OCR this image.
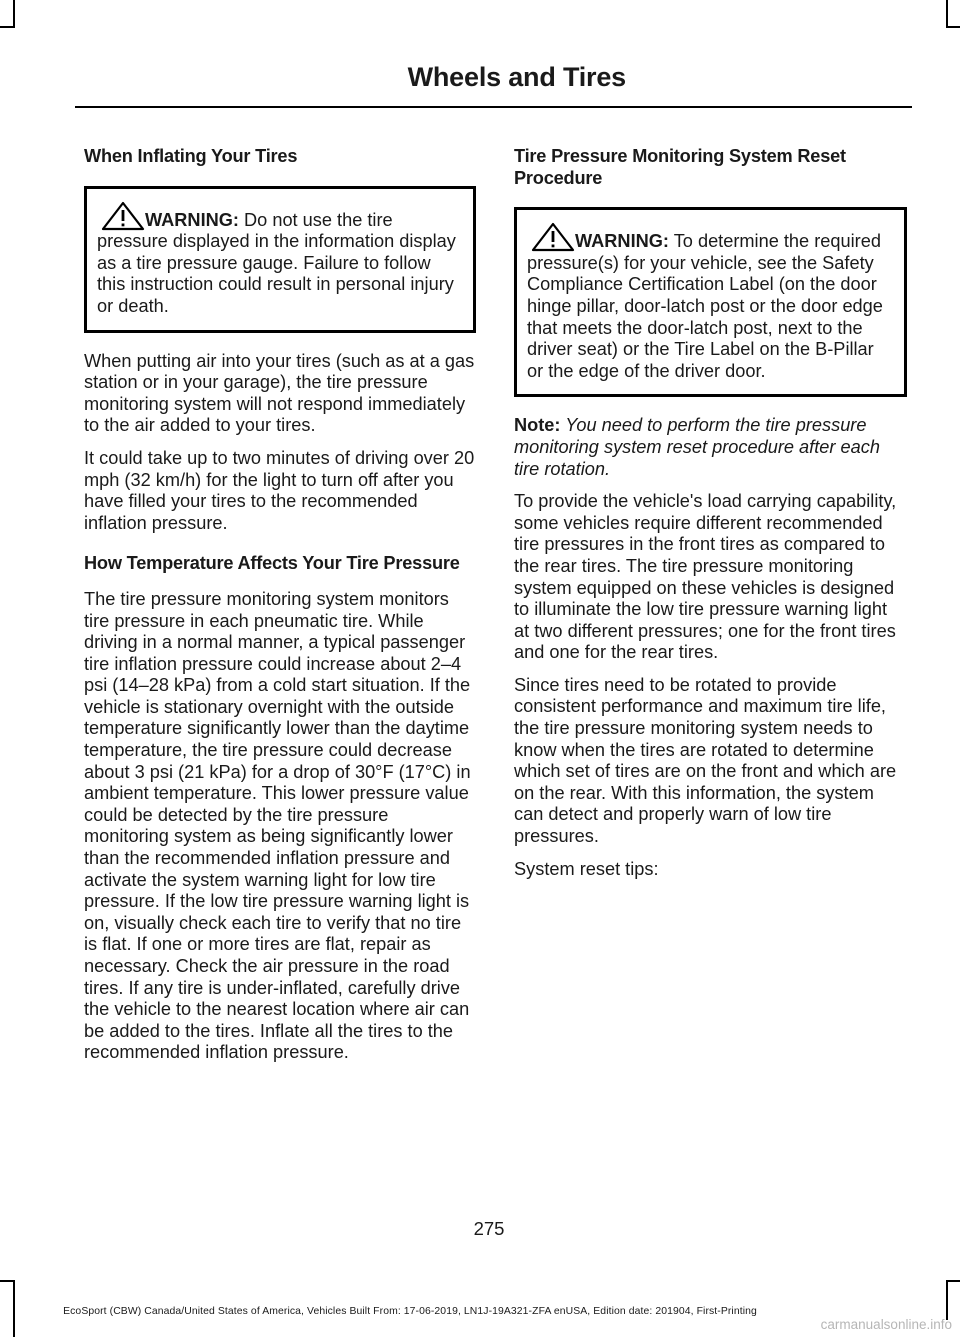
Wheels and Tires
When Inflating Your Tires
WARNING: Do not use the tire pressure displayed in the information display as a tire pressure gauge. Failure to follow this instruction could result in personal injury or death.

When putting air into your tires (such as at a gas station or in your garage), the tire pressure monitoring system will not respond immediately to the air added to your tires.

It could take up to two minutes of driving over 20 mph (32 km/h) for the light to turn off after you have filled your tires to the recommended inflation pressure.

How Temperature Affects Your Tire Pressure

The tire pressure monitoring system monitors tire pressure in each pneumatic tire. While driving in a normal manner, a typical passenger tire inflation pressure could increase about 2–4 psi (14–28 kPa) from a cold start situation. If the vehicle is stationary overnight with the outside temperature significantly lower than the daytime temperature, the tire pressure could decrease about 3 psi (21 kPa) for a drop of 30°F (17°C) in ambient temperature. This lower pressure value could be detected by the tire pressure monitoring system as being significantly lower than the recommended inflation pressure and activate the system warning light for low tire pressure. If the low tire pressure warning light is on, visually check each tire to verify that no tire is flat. If one or more tires are flat, repair as necessary. Check the air pressure in the road tires. If any tire is under-inflated, carefully drive the vehicle to the nearest location where air can be added to the tires. Inflate all the tires to the recommended inflation pressure.

Tire Pressure Monitoring System Reset Procedure
WARNING: To determine the required pressure(s) for your vehicle, see the Safety Compliance Certification Label (on the door hinge pillar, door-latch post or the door edge that meets the door-latch post, next to the driver seat) or the Tire Label on the B-Pillar or the edge of the driver door.

Note: You need to perform the tire pressure monitoring system reset procedure after each tire rotation.

To provide the vehicle's load carrying capability, some vehicles require different recommended tire pressures in the front tires as compared to the rear tires. The tire pressure monitoring system equipped on these vehicles is designed to illuminate the low tire pressure warning light at two different pressures; one for the front tires and one for the rear tires.

Since tires need to be rotated to provide consistent performance and maximum tire life, the tire pressure monitoring system needs to know when the tires are rotated to determine which set of tires are on the front and which are on the rear. With this information, the system can detect and properly warn of low tire pressures.

System reset tips:

275
EcoSport (CBW) Canada/United States of America, Vehicles Built From: 17-06-2019, LN1J-19A321-ZFA enUSA, Edition date: 201904, First-Printing
carmanualsonline.info
